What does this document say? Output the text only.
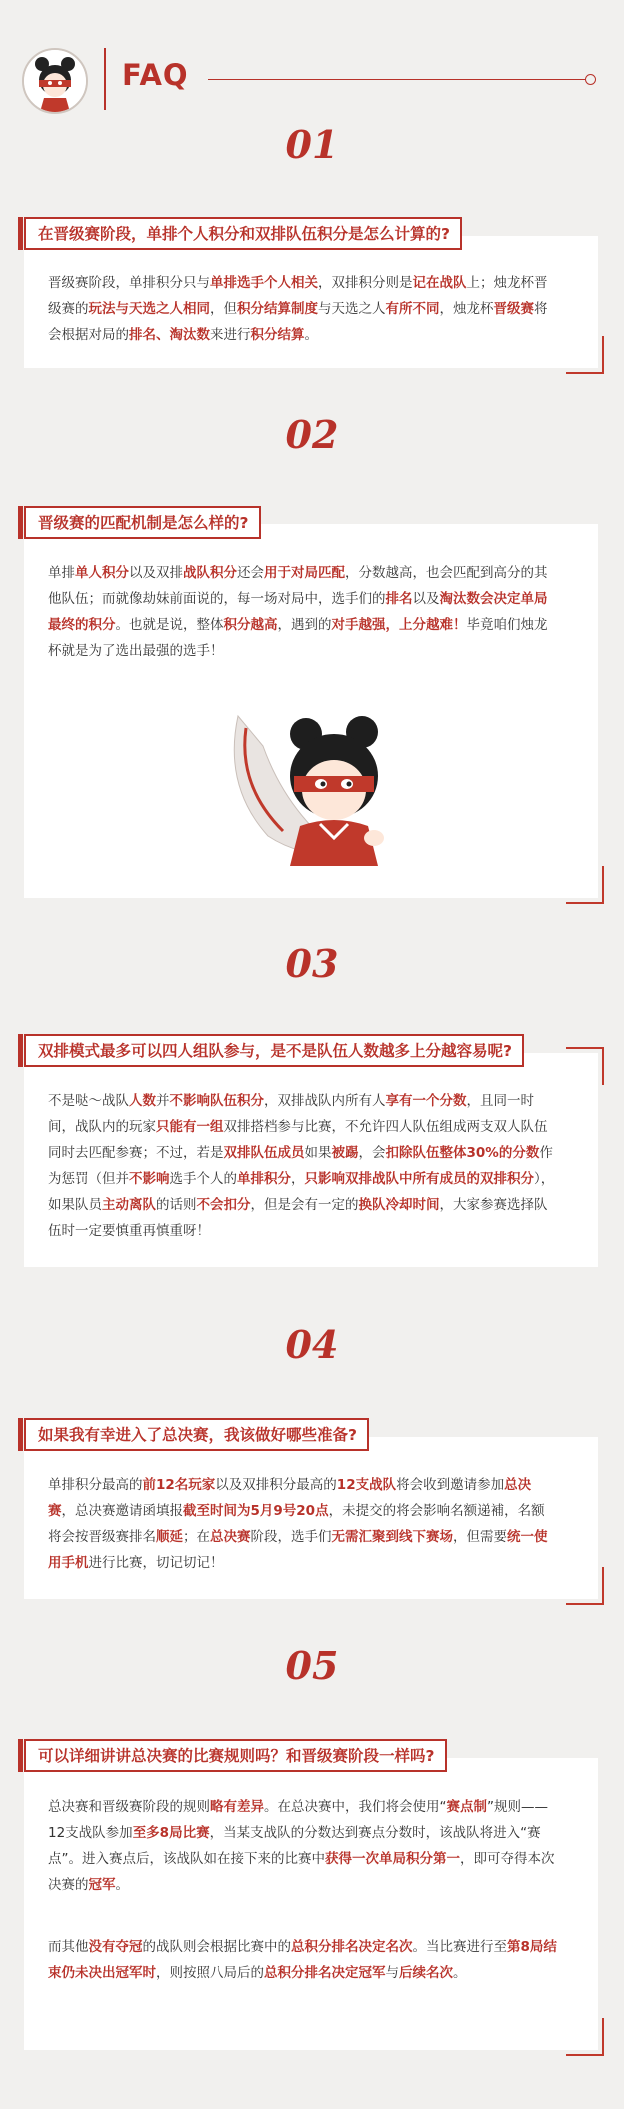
FAQ
01
在晋级赛阶段，单排个人积分和双排队伍积分是怎么计算的?
晋级赛阶段，单排积分只与单排选手个人相关，双排积分则是记在战队上；烛龙杯晋级赛的玩法与天选之人相同，但积分结算制度与天选之人有所不同，烛龙杯晋级赛将会根据对局的排名、淘汰数来进行积分结算。
02
晋级赛的匹配机制是怎么样的?
单排单人积分以及双排战队积分还会用于对局匹配，分数越高，也会匹配到高分的其他队伍；而就像劫妹前面说的，每一场对局中，选手们的排名以及淘汰数会决定单局最终的积分。也就是说，整体积分越高，遇到的对手越强，上分越难！毕竟咱们烛龙杯就是为了选出最强的选手！
03
双排模式最多可以四人组队参与，是不是队伍人数越多上分越容易呢?
不是哒～战队人数并不影响队伍积分，双排战队内所有人享有一个分数，且同一时间，战队内的玩家只能有一组双排搭档参与比赛，不允许四人队伍组成两支双人队伍同时去匹配参赛；不过，若是双排队伍成员如果被踢，会扣除队伍整体30%的分数作为惩罚（但并不影响选手个人的单排积分，只影响双排战队中所有成员的双排积分），如果队员主动离队的话则不会扣分，但是会有一定的换队冷却时间，大家参赛选择队伍时一定要慎重再慎重呀！
04
如果我有幸进入了总决赛，我该做好哪些准备?
单排积分最高的前12名玩家以及双排积分最高的12支战队将会收到邀请参加总决赛，总决赛邀请函填报截至时间为5月9号20点，未提交的将会影响名额递補，名额将会按晋级赛排名顺延；在总决赛阶段，选手们无需汇聚到线下赛场，但需要统一使用手机进行比赛，切记切记！
05
可以详细讲讲总决赛的比赛规则吗？和晋级赛阶段一样吗?
总决赛和晋级赛阶段的规则略有差异。在总决赛中，我们将会使用“赛点制”规则——12支战队参加至多8局比赛，当某支战队的分数达到赛点分数时，该战队将进入“赛点”。进入赛点后，该战队如在接下来的比赛中获得一次单局积分第一，即可夺得本次决赛的冠军。
而其他没有夺冠的战队则会根据比赛中的总积分排名决定名次。当比赛进行至第8局结束仍未决出冠军时，则按照八局后的总积分排名决定冠军与后续名次。
